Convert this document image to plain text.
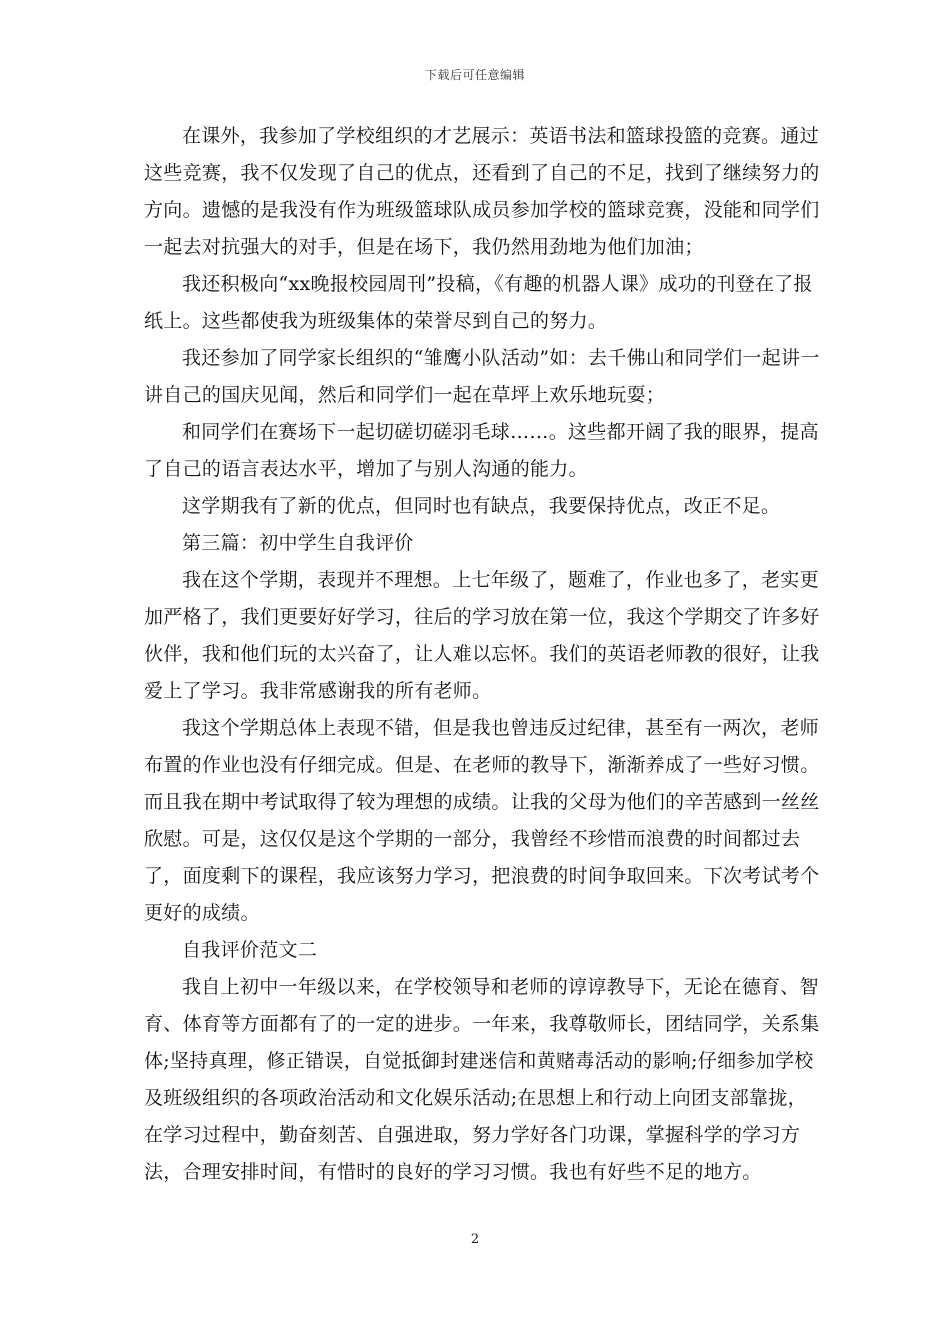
下载后可任意编辑

在课外，我参加了学校组织的才艺展示：英语书法和篮球投篮的竞赛。通过这些竞赛，我不仅发现了自己的优点，还看到了自己的不足，找到了继续努力的方向。遗憾的是我没有作为班级篮球队成员参加学校的篮球竞赛，没能和同学们一起去对抗强大的对手，但是在场下，我仍然用劲地为他们加油；

我还积极向“xx晚报校园周刊”投稿，《有趣的机器人课》成功的刊登在了报纸上。这些都使我为班级集体的荣誉尽到自己的努力。

我还参加了同学家长组织的“雏鹰小队活动”如：去千佛山和同学们一起讲一讲自己的国庆见闻，然后和同学们一起在草坪上欢乐地玩耍；

和同学们在赛场下一起切磋切磋羽毛球……。这些都开阔了我的眼界，提高了自己的语言表达水平，增加了与别人沟通的能力。

这学期我有了新的优点，但同时也有缺点，我要保持优点，改正不足。

第三篇：初中学生自我评价

我在这个学期，表现并不理想。上七年级了，题难了，作业也多了，老实更加严格了，我们更要好好学习，往后的学习放在第一位，我这个学期交了许多好伙伴，我和他们玩的太兴奋了，让人难以忘怀。我们的英语老师教的很好，让我爱上了学习。我非常感谢我的所有老师。

我这个学期总体上表现不错，但是我也曾违反过纪律，甚至有一两次，老师布置的作业也没有仔细完成。但是、在老师的教导下，渐渐养成了一些好习惯。而且我在期中考试取得了较为理想的成绩。让我的父母为他们的辛苦感到一丝丝欣慰。可是，这仅仅是这个学期的一部分，我曾经不珍惜而浪费的时间都过去了，面度剩下的课程，我应该努力学习，把浪费的时间争取回来。下次考试考个更好的成绩。

自我评价范文二

我自上初中一年级以来，在学校领导和老师的谆谆教导下，无论在德育、智育、体育等方面都有了的一定的进步。一年来，我尊敬师长，团结同学，关系集体;坚持真理，修正错误，自觉抵御封建迷信和黄赌毒活动的影响;仔细参加学校及班级组织的各项政治活动和文化娱乐活动;在思想上和行动上向团支部靠拢，在学习过程中，勤奋刻苦、自强进取，努力学好各门功课，掌握科学的学习方法，合理安排时间，有惜时的良好的学习习惯。我也有好些不足的地方。

2
